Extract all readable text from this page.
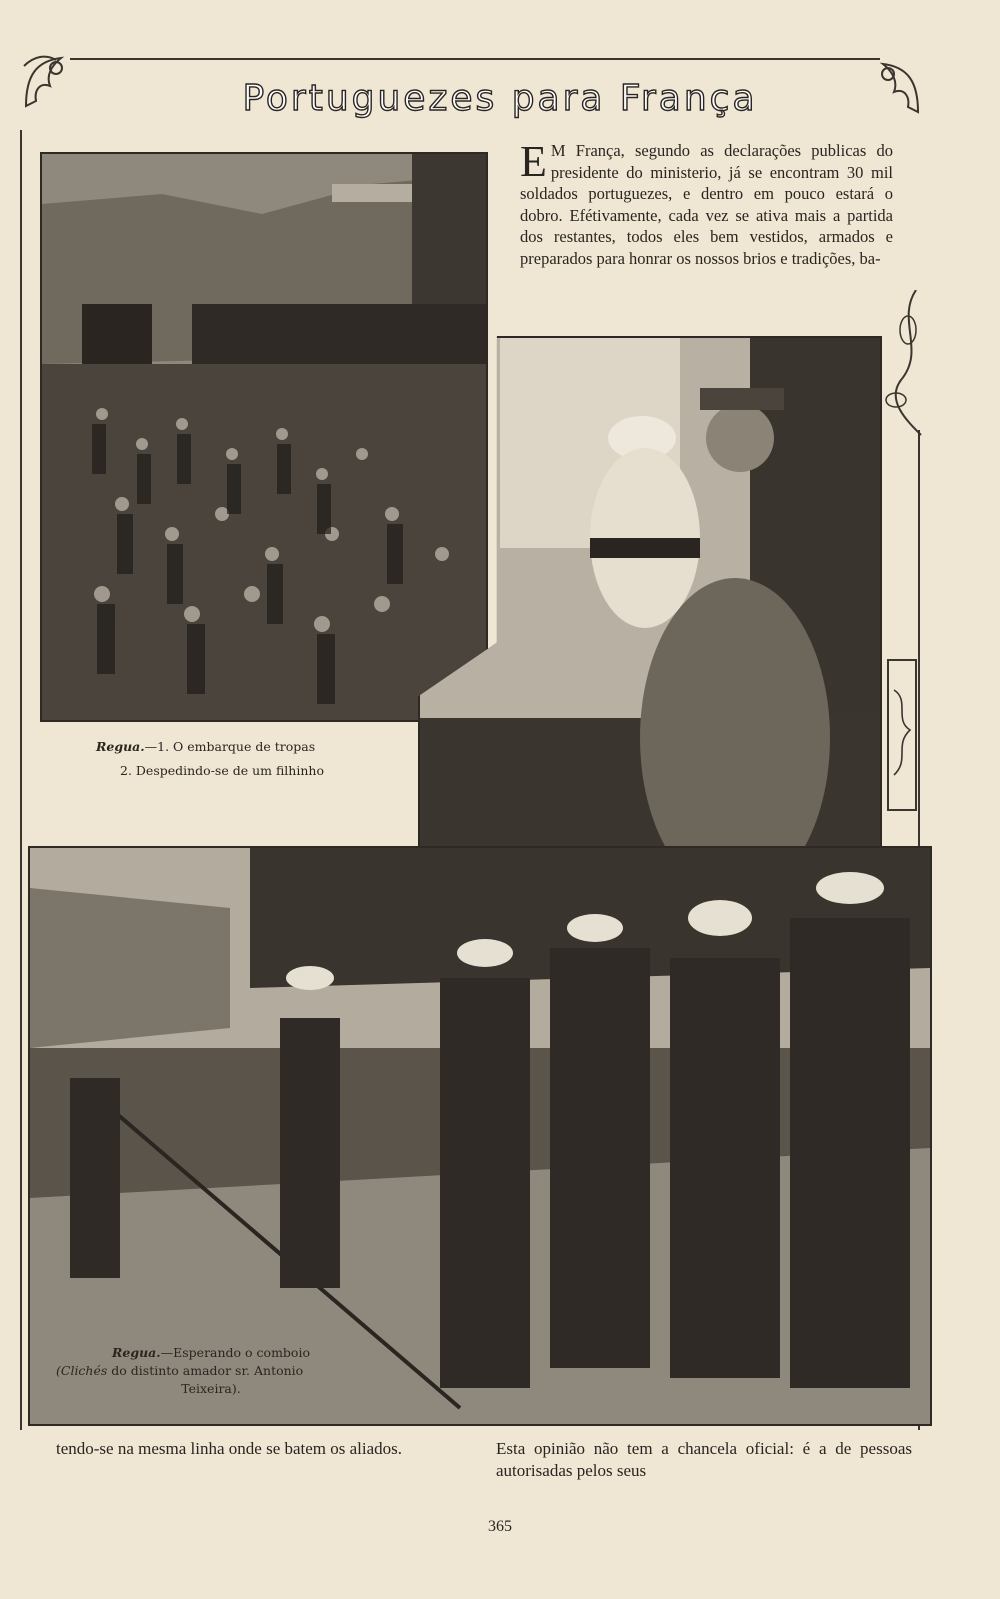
Portuguezes para França
E M França, segundo as declarações publicas do presidente do ministerio, já se encontram 30 mil soldados portuguezes, e dentro em pouco estará o dobro. Efétivamente, cada vez se ativa mais a partida dos restantes, todos eles bem vestidos, armados e preparados para honrar os nossos brios e tradições, ba-
Regua.—1. O embarque de tropas
2. Despedindo-se de um filhinho
Regua.—Esperando o comboio
(Clichés do distinto amador sr. Antonio
Teixeira).
tendo-se na mesma linha onde se batem os aliados.	Esta opinião não tem a chancela oficial: é a de pessoas autorisadas pelos seus
365
